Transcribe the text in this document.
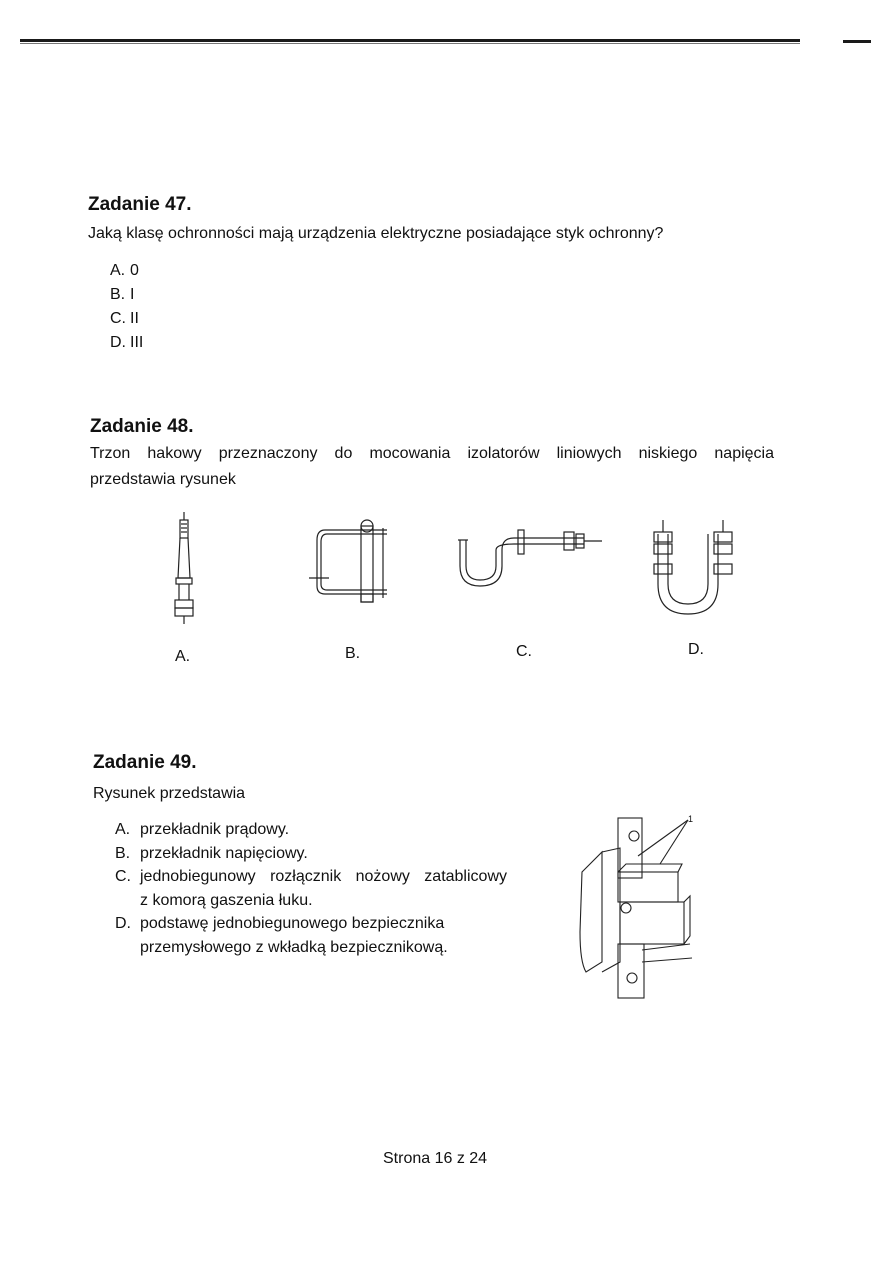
Zadanie 47.
Jaką klasę ochronności mają urządzenia elektryczne posiadające styk ochronny?
A. 0
B. I
C. II
D. III
Zadanie 48.
Trzon hakowy przeznaczony do mocowania izolatorów liniowych niskiego napięcia
przedstawia rysunek
A.	B.	C.	D.
Zadanie 49.
Rysunek przedstawia
A. przekładnik prądowy.
B. przekładnik napięciowy.
C. jednobiegunowy rozłącznik nożowy zatablicowy
z komorą gaszenia łuku.
D. podstawę jednobiegunowego bezpiecznika
przemysłowego z wkładką bezpiecznikową.
1
Strona 16 z 24
